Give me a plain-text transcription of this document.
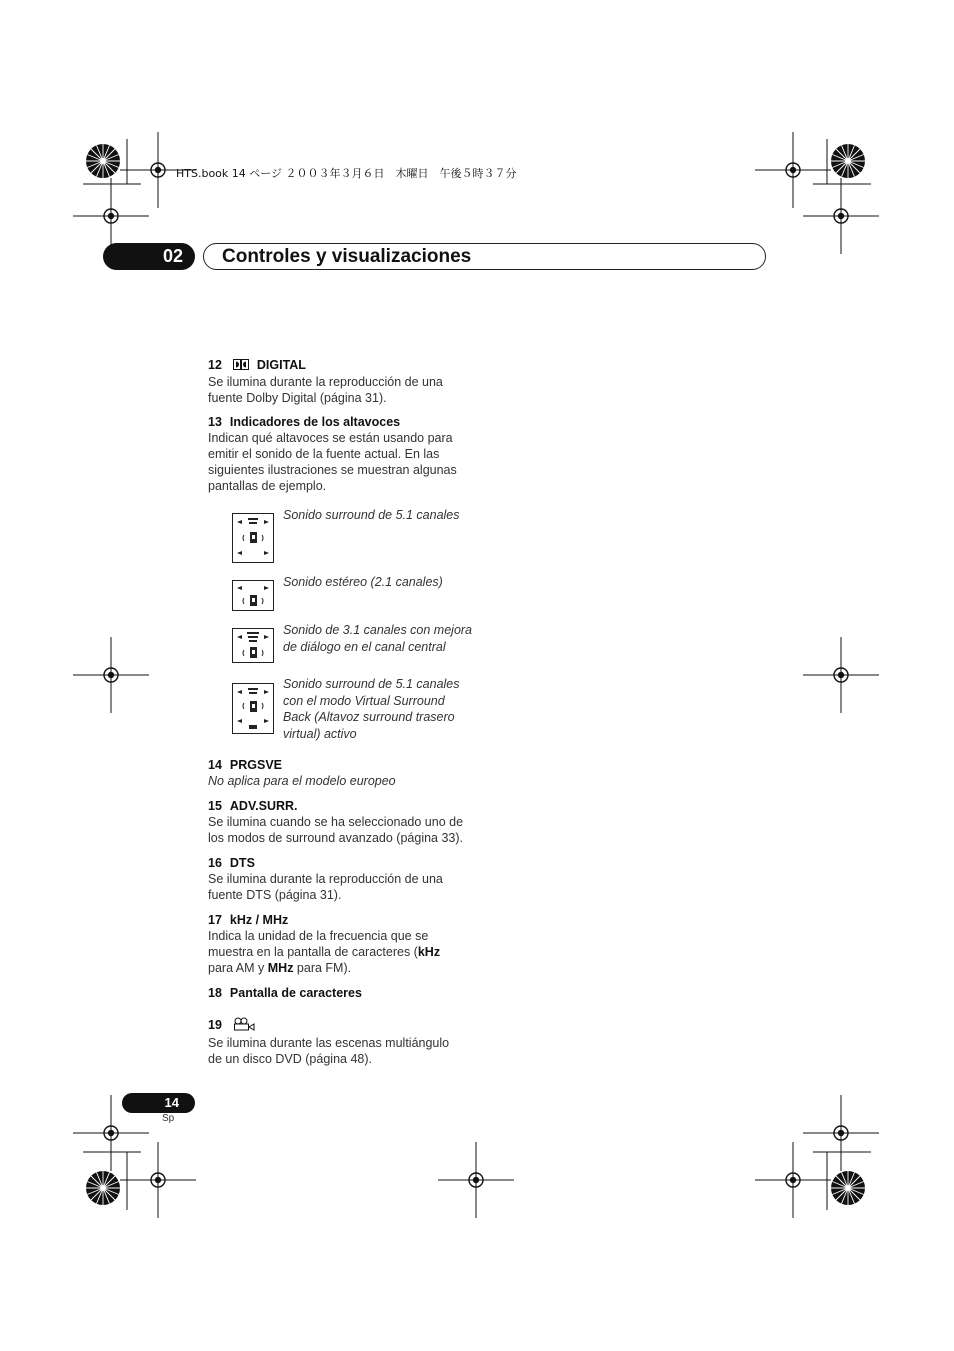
HTS.book 14 ページ ２００３年３月６日　木曜日　午後５時３７分
02	Controles y visualizaciones
12	DIGITAL
Se ilumina durante la reproducción de una
fuente Dolby Digital (página 31).
13 Indicadores de los altavoces
Indican qué altavoces se están usando para
emitir el sonido de la fuente actual. En las
siguientes ilustraciones se muestran algunas
pantallas de ejemplo.
Sonido surround de 5.1 canales
Sonido estéreo (2.1 canales)
Sonido de 3.1 canales con mejora
de diálogo en el canal central
Sonido surround de 5.1 canales
con el modo Virtual Surround
Back (Altavoz surround trasero
virtual) activo
14 PRGSVE
No aplica para el modelo europeo
15 ADV.SURR.
Se ilumina cuando se ha seleccionado uno de
los modos de surround avanzado (página 33).
16 DTS
Se ilumina durante la reproducción de una
fuente DTS (página 31).
17 kHz / MHz
Indica la unidad de la frecuencia que se
muestra en la pantalla de caracteres (kHz
para AM y MHz para FM).
18 Pantalla de caracteres
19
Se ilumina durante las escenas multiángulo
de un disco DVD (página 48).
14
Sp
